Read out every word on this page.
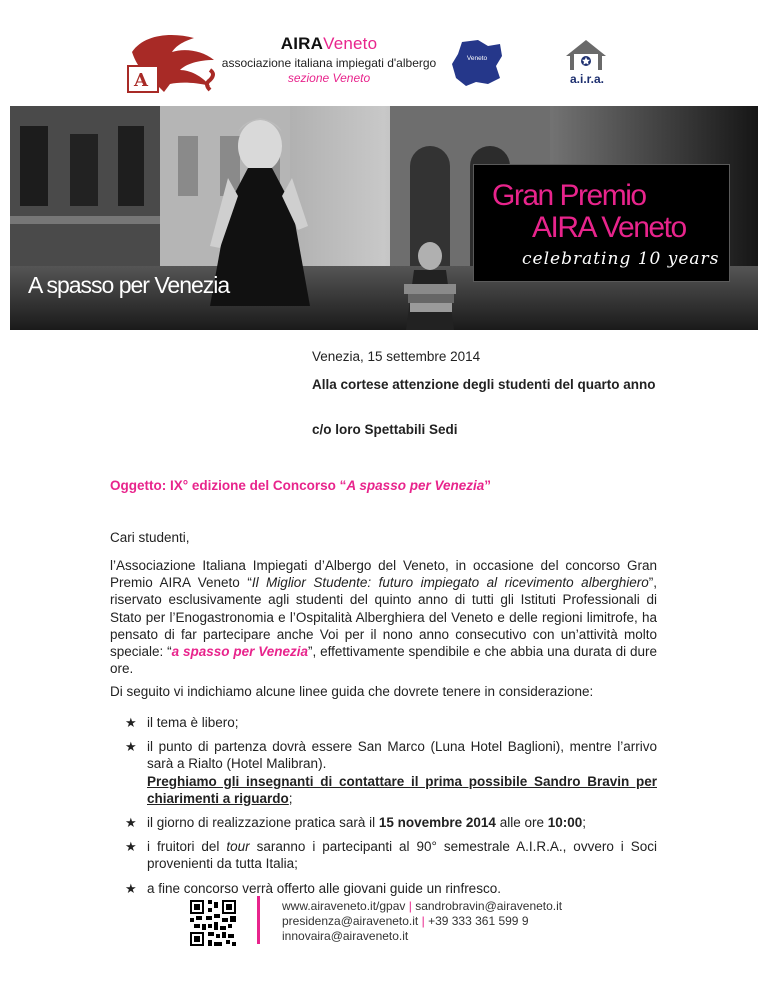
A
AIRAVeneto
associazione italiana impiegati d'albergo
sezione Veneto
Veneto
a.i.r.a.
Gran Premio
AIRA Veneto
celebrating 10 years
A spasso per Venezia
Venezia, 15 settembre 2014
Alla cortese attenzione degli studenti del quarto anno
c/o loro Spettabili Sedi
Oggetto: IX° edizione del Concorso “A spasso per Venezia”
Cari studenti,
l’Associazione Italiana Impiegati d’Albergo del Veneto, in occasione del concorso Gran Premio AIRA Veneto “Il Miglior Studente: futuro impiegato al ricevimento alberghiero”, riservato esclusivamente agli studenti del quinto anno di tutti gli Istituti Professionali di Stato per l’Enogastronomia e l’Ospitalità Alberghiera del Veneto e delle regioni limitrofe, ha pensato di far partecipare anche Voi per il nono anno consecutivo con un’attività molto speciale: “a spasso per Venezia”, effettivamente spendibile e che abbia una durata di dure ore.
Di seguito vi indichiamo alcune linee guida che dovrete tenere in considerazione:
★ il tema è libero;
★ il punto di partenza dovrà essere San Marco (Luna Hotel Baglioni), mentre l’arrivo sarà a Rialto (Hotel Malibran).
Preghiamo gli insegnanti di contattare il prima possibile Sandro Bravin per chiarimenti a riguardo;
★ il giorno di realizzazione pratica sarà il 15 novembre 2014 alle ore 10:00;
★ i fruitori del tour saranno i partecipanti al 90° semestrale A.I.R.A., ovvero i Soci provenienti da tutta Italia;
★ a fine concorso verrà offerto alle giovani guide un rinfresco.
www.airaveneto.it/gpav | sandrobravin@airaveneto.it
presidenza@airaveneto.it | +39 333 361 599 9
innovaira@airaveneto.it
